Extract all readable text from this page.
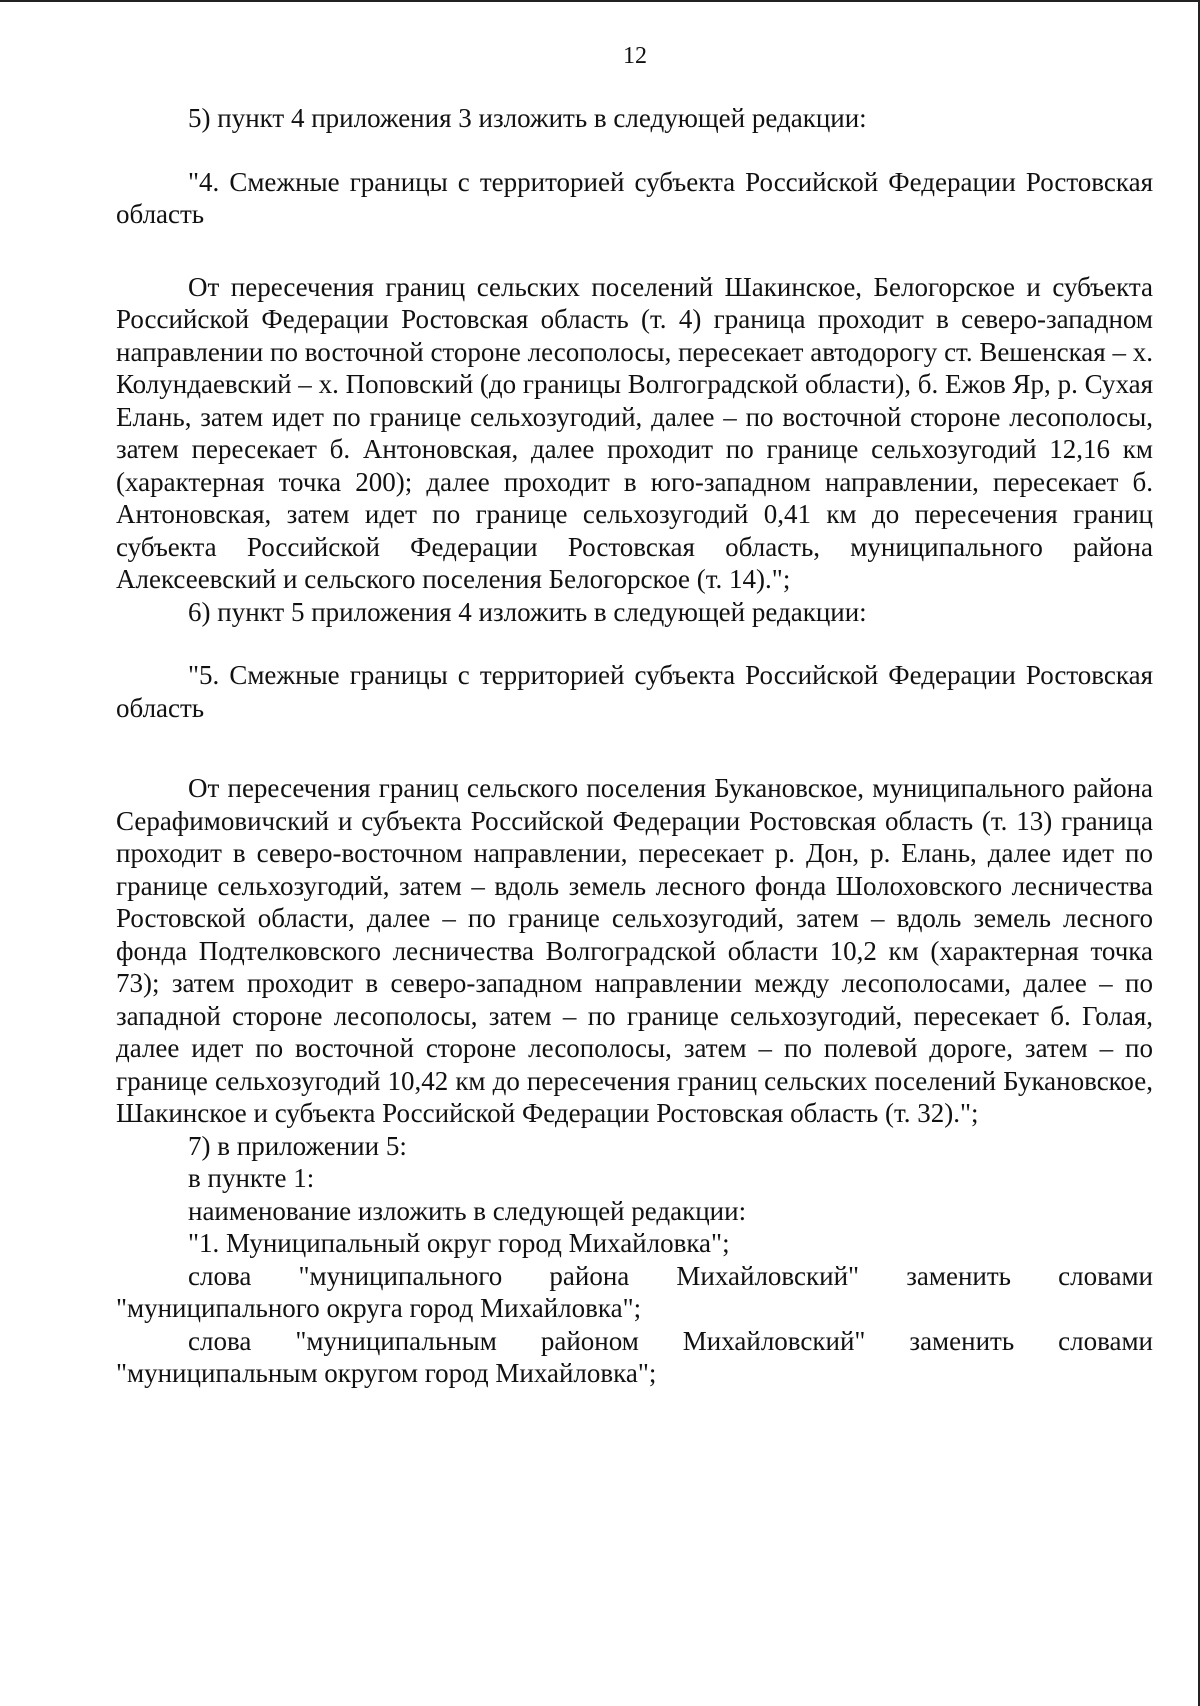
12

5) пункт 4 приложения 3 изложить в следующей редакции:

"4. Смежные границы с территорией субъекта Российской Федерации Ростовская область

От пересечения границ сельских поселений Шакинское, Белогорское и субъекта Российской Федерации Ростовская область (т. 4) граница проходит в северо-западном направлении по восточной стороне лесополосы, пересекает автодорогу ст. Вешенская – х. Колундаевский – х. Поповский (до границы Волгоградской области), б. Ежов Яр, р. Сухая Елань, затем идет по границе сельхозугодий, далее – по восточной стороне лесополосы, затем пересекает б. Антоновская, далее проходит по границе сельхозугодий 12,16 км (характерная точка 200); далее проходит в юго-западном направлении, пересекает б. Антоновская, затем идет по границе сельхозугодий 0,41 км до пересечения границ субъекта Российской Федерации Ростовская область, муниципального района Алексеевский и сельского поселения Белогорское (т. 14).";

6) пункт 5 приложения 4 изложить в следующей редакции:

"5. Смежные границы с территорией субъекта Российской Федерации Ростовская область

От пересечения границ сельского поселения Букановское, муниципального района Серафимовичский и субъекта Российской Федерации Ростовская область (т. 13) граница проходит в северо-восточном направлении, пересекает р. Дон, р. Елань, далее идет по границе сельхозугодий, затем – вдоль земель лесного фонда Шолоховского лесничества Ростовской области, далее – по границе сельхозугодий, затем – вдоль земель лесного фонда Подтелковского лесничества Волгоградской области 10,2 км (характерная точка 73); затем проходит в северо-западном направлении между лесополосами, далее – по западной стороне лесополосы, затем – по границе сельхозугодий, пересекает б. Голая, далее идет по восточной стороне лесополосы, затем – по полевой дороге, затем – по границе сельхозугодий 10,42 км до пересечения границ сельских поселений Букановское, Шакинское и субъекта Российской Федерации Ростовская область (т. 32).";

7) в приложении 5:

в пункте 1:

наименование изложить в следующей редакции:

"1. Муниципальный округ город Михайловка";

слова "муниципального района Михайловский" заменить словами "муниципального округа город Михайловка";

слова "муниципальным районом Михайловский" заменить словами "муниципальным округом город Михайловка";
